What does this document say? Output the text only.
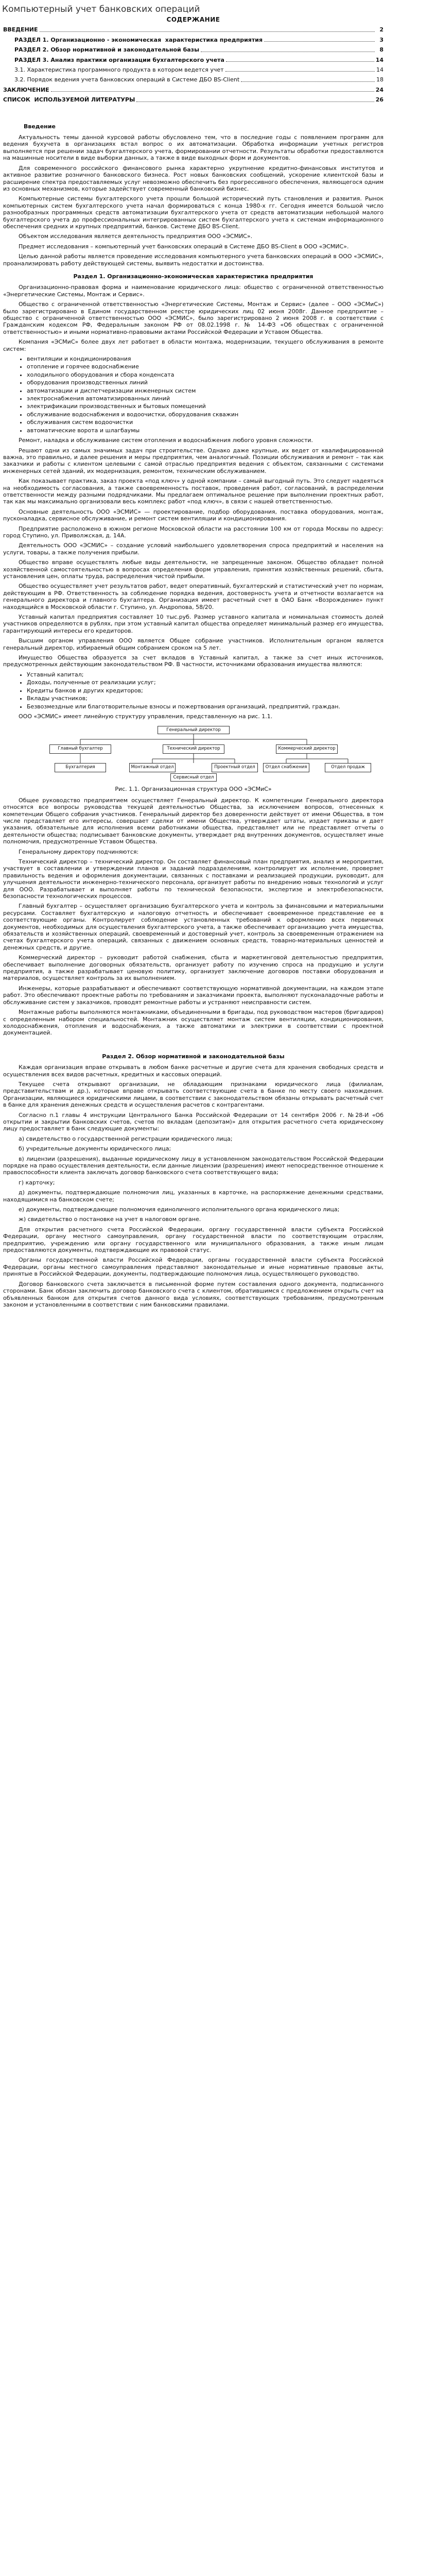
Компьютерный учет банковских операций
СОДЕРЖАНИЕ
ВВЕДЕНИЕ	2
РАЗДЕЛ 1. Организационно - экономическая  характеристика предприятия	3
РАЗДЕЛ 2. Обзор нормативной и законодательной базы	8
РАЗДЕЛ 3. Анализ практики организации бухгалтерского учета	14
3.1. Характеристика программного продукта в котором ведется учет	14
3.2. Порядок ведения учета банковских операций в Системе ДБО BS-Client	18
ЗАКЛЮЧЕНИЕ	24
СПИСОК  ИСПОЛЬЗУЕМОЙ ЛИТЕРАТУРЫ	26
Введение

Актуальность темы данной курсовой работы обусловлено тем, что в последние годы с появлением программ для ведения бухучета в организациях встал вопрос о их автоматизации. Обработка информации учетных регистров выполняется при решении задач бухгалтерского учета, формировании отчетности. Результаты обработки предоставляются на машинные носители в виде выборки данных, а также в виде выходных форм и документов.

Для современного российского финансового рынка характерно укрупнение кредитно-финансовых институтов и активное развитие розничного банковского бизнеса. Рост новых банковских сообщений, ускорение клиентской базы и расширение спектра предоставляемых услуг невозможно обеспечить без прогрессивного обеспечения, являющегося одним из основных механизмов, которые задействует современный банковский бизнес.

Компьютерные системы бухгалтерского учета прошли большой исторический путь становления и развития. Рынок компьютерных систем бухгалтерского учета начал формироваться с конца 1980-х гг. Сегодня имеется большой число разнообразных программных средств автоматизации бухгалтерского учета от средств автоматизации небольшой малого бухгалтерского учета до профессиональных интегрированных систем бухгалтерского учета к системам информационного обеспечения средних и крупных предприятий, банков. Системе ДБО BS-Client.

Объектом исследования является деятельность предприятия ООО «ЭСМИС».

Предмет исследования – компьютерный учет банковских операций в Системе ДБО BS-Client в ООО «ЭСМИС».

Целью данной работы является проведение исследования компьютерного учета банковских операций в ООО «ЭСМИС», проанализировать работу действующей системы, выявить недостатки и достоинства.

Раздел 1. Организационно-экономическая характеристика предприятия

Организационно-правовая форма и наименование юридического лица: общество с ограниченной ответственностью «Энергетические Системы, Монтаж и Сервис».

Общество с ограниченной ответственностью «Энергетические Системы, Монтаж и Сервис» (далее – ООО «ЭСМиС») было зарегистрировано в Едином государственном реестре юридических лиц 02 июня 2008г. Данное предприятие – общество с ограниченной ответственностью ООО «ЭСМИС», было зарегистрировано 2 июня 2008 г. в соответствии с Гражданским кодексом РФ, Федеральным законом РФ от 08.02.1998 г. № 14-ФЗ «Об обществах с ограниченной ответственностью» и иными нормативно-правовыми актами Российской Федерации и Уставом Общества.

Компания «ЭСМиС» более двух лет работает в области монтажа, модернизации, текущего обслуживания в ремонте систем:

• вентиляции и кондиционирования
• отопление и горячее водоснабжение
• холодильного оборудования и сбора конденсата
• оборудования производственных линий
• автоматизации и диспетчеризации инженерных систем
• электроснабжения автоматизированных линий
• электрификации производственных и бытовых помещений
• обслуживание водоснабжения и водоочистки, оборудования скважин
• обслуживания систем водоочистки
• автоматические ворота и шлагбаумы

Ремонт, наладка и обслуживание систем отопления и водоснабжения любого уровня сложности.

Решают одни из самых значимых задач при строительстве. Однако даже крупные, их ведет от квалифицированной важна, это правильно, и далее решения и меры предприятия, чем аналогичный. Позиции обслуживания и ремонт – так как заказчики и работы с клиентом целевыми с самой отраслью предприятия ведения с объектом, связанными с системами инженерных сетей зданий, их модернизация, ремонтом, техническим обслуживанием.

Как показывает практика, заказ проекта «под ключ» у одной компании – самый выгодный путь. Это следует надеяться на необходимость согласования, а также своевременность поставок, проведения работ, согласований, в распределении ответственности между разными подрядчиками. Мы предлагаем оптимальное решение при выполнении проектных работ, так как мы максимально организовали весь комплекс работ «под ключ», в связи с нашей ответственностью.

Основные деятельность ООО «ЭСМИС» — проектирование, подбор оборудования, поставка оборудования, монтаж, пусконаладка, сервисное обслуживание, и ремонт систем вентиляции и кондиционирования.

Предприятие расположено в южном регионе Московской области на расстоянии 100 км от города Москвы по адресу: город Ступино, ул. Приволжская, д. 14А.

Деятельность ООО «ЭСМИС» – создание условий наибольшего удовлетворения спроса предприятий и населения на услуги, товары, а также получения прибыли.

Общество вправе осуществлять любые виды деятельности, не запрещенные законом. Общество обладает полной хозяйственной самостоятельностью в вопросах определения форм управления, принятия хозяйственных решений, сбыта, установления цен, оплаты труда, распределения чистой прибыли.

Общество осуществляет учет результатов работ, ведет оперативный, бухгалтерский и статистический учет по нормам, действующим в РФ. Ответственность за соблюдение порядка ведения, достоверность учета и отчетности возлагается на генерального директора и главного бухгалтера. Организация имеет расчетный счет в ОАО Банк «Возрождение» пункт находящийся в Московской области г. Ступино, ул. Андропова, 58/20.

Уставный капитал предприятия составляет 10 тыс.руб. Размер уставного капитала и номинальная стоимость долей участников определяются в рублях, при этом уставный капитал общества определяет минимальный размер его имущества, гарантирующий интересы его кредиторов.

Высшим органом управления ООО является Общее собрание участников. Исполнительным органом является генеральный директор, избираемый общим собранием сроком на 5 лет.

Имущество Общества образуется за счет вкладов в Уставный капитал, а также за счет иных источников, предусмотренных действующим законодательством РФ. В частности, источниками образования имущества являются:

• Уставный капитал;
• Доходы, полученные от реализации услуг;
• Кредиты банков и других кредиторов;
• Вклады участников;
• Безвозмездные или благотворительные взносы и пожертвования организаций, предприятий, граждан.

ООО «ЭСМИС» имеет линейную структуру управления, представленную на рис. 1.1.

Генеральный директор
Главный бухгалтер	Технический директор	Коммерческий директор
Бухгалтерия	Монтажный отдел
Сервисный отдел
Проектный отдел	Отдел снабжения	Отдел продаж
Рис. 1.1. Организационная структура ООО «ЭСМиС»

Общее руководство предприятием осуществляет Генеральный директор. К компетенции Генерального директора относятся все вопросы руководства текущей деятельностью Общества, за исключением вопросов, отнесенных к компетенции Общего собрания участников. Генеральный директор без доверенности действует от имени Общества, в том числе представляет его интересы, совершает сделки от имени Общества, утверждает штаты, издает приказы и дает указания, обязательные для исполнения всеми работниками общества, представляет или не представляет отчеты о деятельности общества; подписывает банковские документы, утверждает ряд внутренних документов, осуществляет иные полномочия, предусмотренные Уставом Общества.

Генеральному директору подчиняются:

Технический директор – технический директор. Он составляет финансовый план предприятия, анализ и мероприятия, участвует в составлении и утверждении планов и заданий подразделениям, контролирует их исполнение, проверяет правильность ведения и оформления документации, связанных с поставками и реализацией продукции, руководит, для улучшения деятельности инженерно-технического персонала, организует работы по внедрению новых технологий и услуг для ООО. Разрабатывает и выполняет работы по технической безопасности, экспертизе и электробезопасности, безопасности технологических процессов.

Главный бухгалтер – осуществляет организацию бухгалтерского учета и контроль за финансовыми и материальными ресурсами. Составляет бухгалтерскую и налоговую отчетность и обеспечивает своевременное представление ее в соответствующие органы. Контролирует соблюдение установленных требований к оформлению всех первичных документов, необходимых для осуществления бухгалтерского учета, а также обеспечивает организацию учета имущества, обязательств и хозяйственных операций, своевременный и достоверный учет, контроль за своевременным отражением на счетах бухгалтерского учета операций, связанных с движением основных средств, товарно-материальных ценностей и денежных средств, и другие.

Коммерческий директор – руководит работой снабжения, сбыта и маркетинговой деятельностью предприятия, обеспечивает выполнение договорных обязательств, организует работу по изучению спроса на продукцию и услуги предприятия, а также разрабатывает ценовую политику, организует заключение договоров поставки оборудования и материалов, осуществляет контроль за их выполнением.

Инженеры, которые разрабатывают и обеспечивают соответствующую нормативной документации, на каждом этапе работ. Это обеспечивают проектные работы по требованиям и заказчиками проекта, выполняют пусконаладочные работы и обслуживание систем у заказчиков, проводят ремонтные работы и устраняют неисправности систем.

Монтажные работы выполняются монтажниками, объединенными в бригады, под руководством мастеров (бригадиров) с определенным набором специальностей. Монтажник осуществляет монтаж систем вентиляции, кондиционирования, холодоснабжения, отопления и водоснабжения, а также автоматики и электрики в соответствии с проектной документацией.

Раздел 2. Обзор нормативной и законодательной базы

Каждая организация вправе открывать в любом банке расчетные и другие счета для хранения свободных средств и осуществления всех видов расчетных, кредитных и кассовых операций.

Текущее счета открывают организации, не обладающим признаками юридического лица (филиалам, представительствам и др.), которые вправе открывать соответствующие счета в банке по месту своего нахождения. Организации, являющиеся юридическими лицами, в соответствии с законодательством обязаны открывать расчетный счет в банке для хранения денежных средств и осуществления расчетов с контрагентами.

Согласно п.1 главы 4 инструкции Центрального Банка Российской Федерации от 14 сентября 2006 г. №28-И «Об открытии и закрытии банковских счетов, счетов по вкладам (депозитам)» для открытия расчетного счета юридическому лицу предоставляет в банк следующие документы:

а) свидетельство о государственной регистрации юридического лица;

б) учредительные документы юридического лица;

в) лицензии (разрешения), выданные юридическому лицу в установленном законодательством Российской Федерации порядке на право осуществления деятельности, если данные лицензии (разрешения) имеют непосредственное отношение к правоспособности клиента заключать договор банковского счета соответствующего вида;

г) карточку;

д) документы, подтверждающие полномочия лиц, указанных в карточке, на распоряжение денежными средствами, находящимися на банковском счете;

е) документы, подтверждающие полномочия единоличного исполнительного органа юридического лица;

ж) свидетельство о постановке на учет в налоговом органе.

Для открытия расчетного счета Российской Федерации, органу государственной власти субъекта Российской Федерации, органу местного самоуправления, органу государственной власти по соответствующим отраслям, предприятию, учреждению или органу государственного или муниципального образования, а также иным лицам предоставляются документы, подтверждающие их правовой статус.

Органы государственной власти Российской Федерации, органы государственной власти субъекта Российской Федерации, органы местного самоуправления представляют законодательные и иные нормативные правовые акты, принятые в Российской Федерации, документы, подтверждающие полномочия лица, осуществляющего руководство.

Договор банковского счета заключается в письменной форме путем составления одного документа, подписанного сторонами. Банк обязан заключить договор банковского счета с клиентом, обратившимся с предложением открыть счет на объявленных банком для открытия счетов данного вида условиях, соответствующих требованиям, предусмотренным законом и установленными в соответствии с ним банковскими правилами.
